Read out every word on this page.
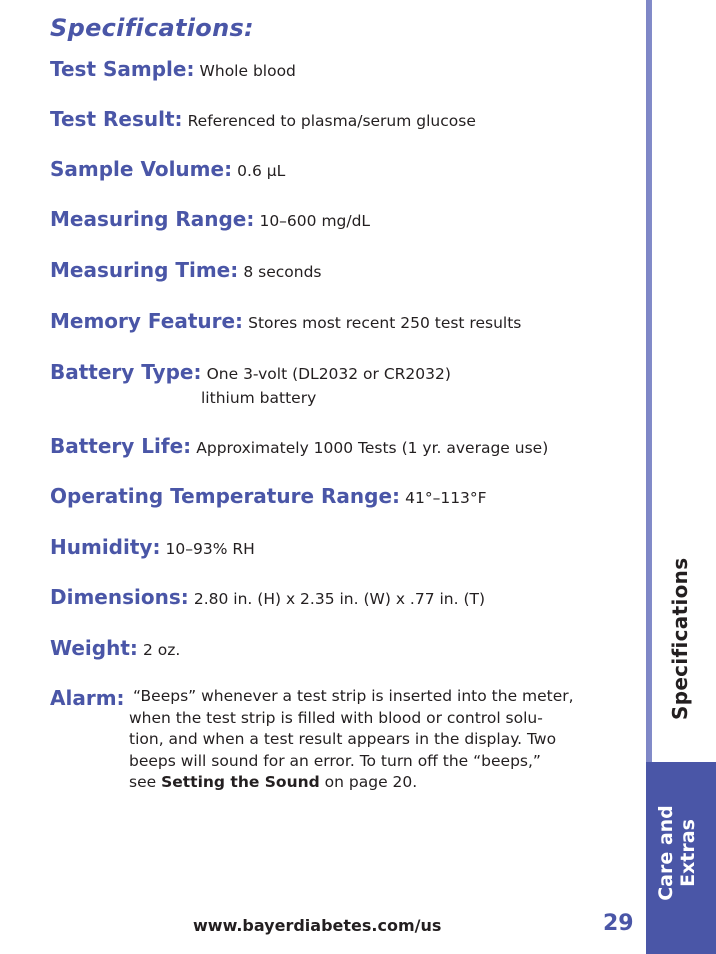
Specifications:
Test Sample: Whole blood
Test Result: Referenced to plasma/serum glucose
Sample Volume: 0.6 µL
Measuring Range: 10–600 mg/dL
Measuring Time: 8 seconds
Memory Feature: Stores most recent 250 test results
Battery Type: One 3-volt (DL2032 or CR2032)
lithium battery
Battery Life: Approximately 1000 Tests (1 yr. average use)
Operating Temperature Range: 41°–113°F
Humidity: 10–93% RH
Dimensions: 2.80 in. (H) x 2.35 in. (W) x .77 in. (T)
Weight: 2 oz.
Alarm: “Beeps” whenever a test strip is inserted into the meter,
when the test strip is filled with blood or control solu-
tion, and when a test result appears in the display. Two
beeps will sound for an error. To turn off the “beeps,”
see Setting the Sound on page 20.
www.bayerdiabetes.com/us	29
Specifications
Care and Extras
